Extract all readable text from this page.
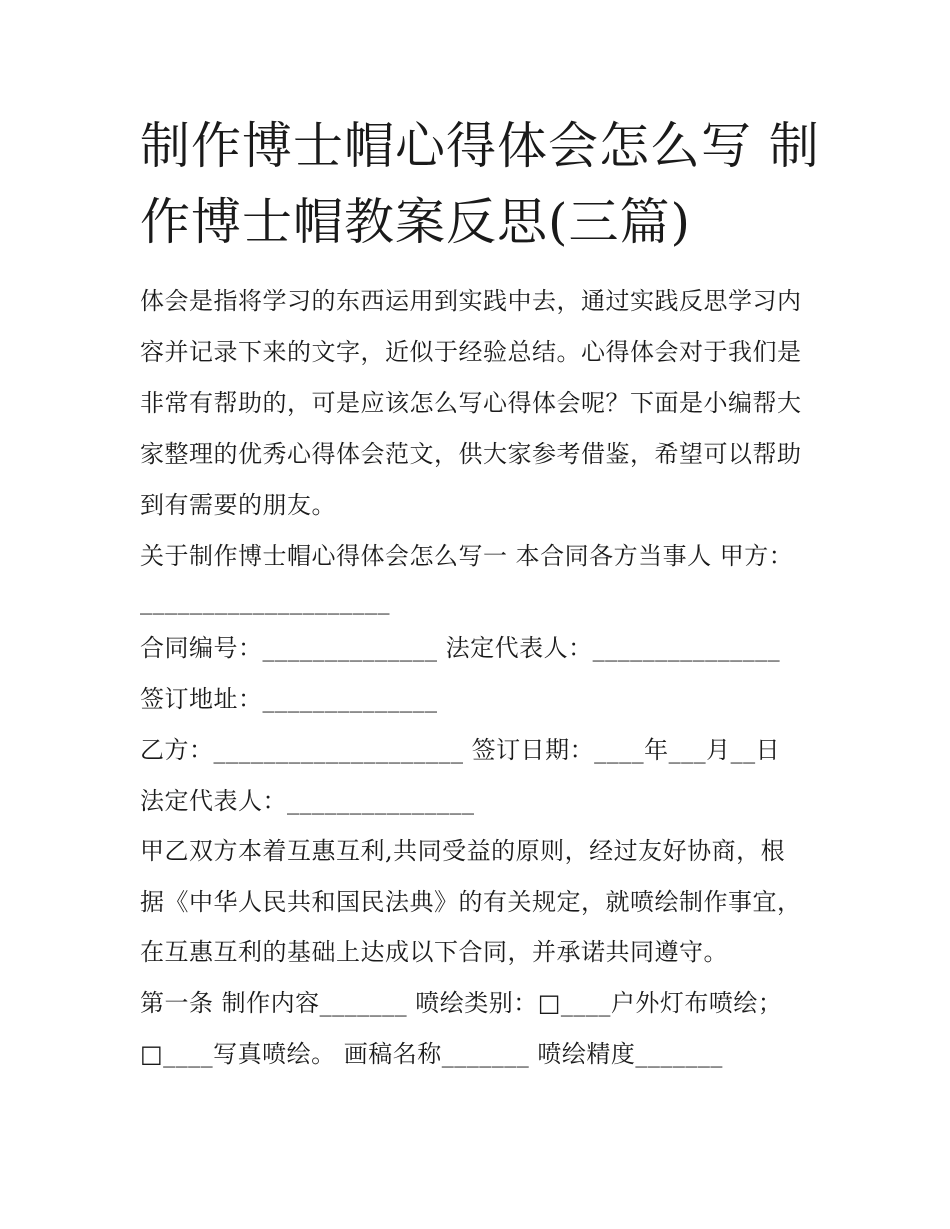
制作博士帽心得体会怎么写 制
作博士帽教案反思(三篇)
体会是指将学习的东西运用到实践中去，通过实践反思学习内
容并记录下来的文字，近似于经验总结。心得体会对于我们是
非常有帮助的，可是应该怎么写心得体会呢？下面是小编帮大
家整理的优秀心得体会范文，供大家参考借鉴，希望可以帮助
到有需要的朋友。
关于制作博士帽心得体会怎么写一 本合同各方当事人 甲方：
____________________
合同编号：______________ 法定代表人：_______________
签订地址：______________
乙方：____________________ 签订日期：____年___月__日
法定代表人：_______________
甲乙双方本着互惠互利,共同受益的原则，经过友好协商，根
据《中华人民共和国民法典》的有关规定，就喷绘制作事宜，
在互惠互利的基础上达成以下合同，并承诺共同遵守。
第一条 制作内容_______ 喷绘类别：□____户外灯布喷绘；
□____写真喷绘。 画稿名称_______ 喷绘精度_______
